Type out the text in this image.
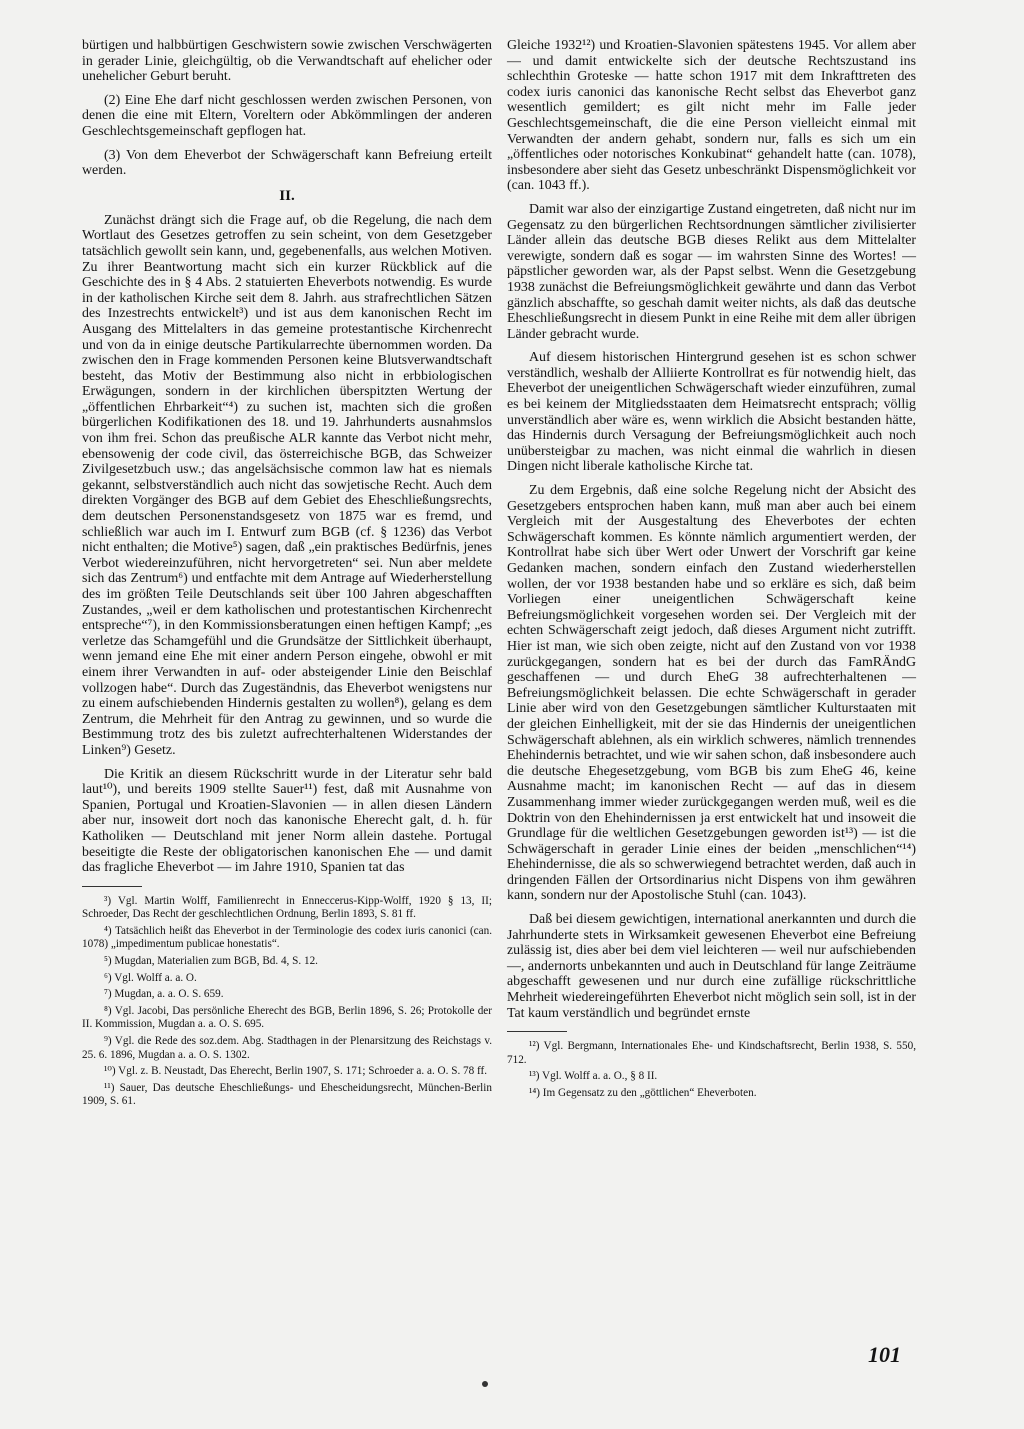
bürtigen und halbbürtigen Geschwistern sowie zwischen Verschwägerten in gerader Linie, gleichgültig, ob die Verwandtschaft auf ehelicher oder unehelicher Geburt beruht.

(2) Eine Ehe darf nicht geschlossen werden zwischen Personen, von denen die eine mit Eltern, Voreltern oder Abkömmlingen der anderen Geschlechtsgemeinschaft gepflogen hat.

(3) Von dem Eheverbot der Schwägerschaft kann Befreiung erteilt werden.

II.

Zunächst drängt sich die Frage auf, ob die Regelung, die nach dem Wortlaut des Gesetzes getroffen zu sein scheint, von dem Gesetzgeber tatsächlich gewollt sein kann, und, gegebenenfalls, aus welchen Motiven. Zu ihrer Beantwortung macht sich ein kurzer Rückblick auf die Geschichte des in § 4 Abs. 2 statuierten Eheverbots notwendig. Es wurde in der katholischen Kirche seit dem 8. Jahrh. aus strafrechtlichen Sätzen des Inzestrechts entwickelt³) und ist aus dem kanonischen Recht im Ausgang des Mittelalters in das gemeine protestantische Kirchenrecht und von da in einige deutsche Partikularrechte übernommen worden. Da zwischen den in Frage kommenden Personen keine Blutsverwandtschaft besteht, das Motiv der Bestimmung also nicht in erbbiologischen Erwägungen, sondern in der kirchlichen überspitzten Wertung der „öffentlichen Ehrbarkeit“⁴) zu suchen ist, machten sich die großen bürgerlichen Kodifikationen des 18. und 19. Jahrhunderts ausnahmslos von ihm frei. Schon das preußische ALR kannte das Verbot nicht mehr, ebensowenig der code civil, das österreichische BGB, das Schweizer Zivilgesetzbuch usw.; das angelsächsische common law hat es niemals gekannt, selbstverständlich auch nicht das sowjetische Recht. Auch dem direkten Vorgänger des BGB auf dem Gebiet des Eheschließungsrechts, dem deutschen Personenstandsgesetz von 1875 war es fremd, und schließlich war auch im I. Entwurf zum BGB (cf. § 1236) das Verbot nicht enthalten; die Motive⁵) sagen, daß „ein praktisches Bedürfnis, jenes Verbot wiedereinzuführen, nicht hervorgetreten“ sei. Nun aber meldete sich das Zentrum⁶) und entfachte mit dem Antrage auf Wiederherstellung des im größten Teile Deutschlands seit über 100 Jahren abgeschafften Zustandes, „weil er dem katholischen und protestantischen Kirchenrecht entspreche“⁷), in den Kommissionsberatungen einen heftigen Kampf; „es verletze das Schamgefühl und die Grundsätze der Sittlichkeit überhaupt, wenn jemand eine Ehe mit einer andern Person eingehe, obwohl er mit einem ihrer Verwandten in auf- oder absteigender Linie den Beischlaf vollzogen habe“. Durch das Zugeständnis, das Eheverbot wenigstens nur zu einem aufschiebenden Hindernis gestalten zu wollen⁸), gelang es dem Zentrum, die Mehrheit für den Antrag zu gewinnen, und so wurde die Bestimmung trotz des bis zuletzt aufrechterhaltenen Widerstandes der Linken⁹) Gesetz.

Die Kritik an diesem Rückschritt wurde in der Literatur sehr bald laut¹⁰), und bereits 1909 stellte Sauer¹¹) fest, daß mit Ausnahme von Spanien, Portugal und Kroatien-Slavonien — in allen diesen Ländern aber nur, insoweit dort noch das kanonische Eherecht galt, d. h. für Katholiken — Deutschland mit jener Norm allein dastehe. Portugal beseitigte die Reste der obligatorischen kanonischen Ehe — und damit das fragliche Eheverbot — im Jahre 1910, Spanien tat das

³) Vgl. Martin Wolff, Familienrecht in Enneccerus-Kipp-Wolff, 1920 § 13, II; Schroeder, Das Recht der geschlechtlichen Ordnung, Berlin 1893, S. 81 ff.

⁴) Tatsächlich heißt das Eheverbot in der Terminologie des codex iuris canonici (can. 1078) „impedimentum publicae honestatis“.

⁵) Mugdan, Materialien zum BGB, Bd. 4, S. 12.

⁶) Vgl. Wolff a. a. O.

⁷) Mugdan, a. a. O. S. 659.

⁸) Vgl. Jacobi, Das persönliche Eherecht des BGB, Berlin 1896, S. 26; Protokolle der II. Kommission, Mugdan a. a. O. S. 695.

⁹) Vgl. die Rede des soz.dem. Abg. Stadthagen in der Plenarsitzung des Reichstags v. 25. 6. 1896, Mugdan a. a. O. S. 1302.

¹⁰) Vgl. z. B. Neustadt, Das Eherecht, Berlin 1907, S. 171; Schroeder a. a. O. S. 78 ff.

¹¹) Sauer, Das deutsche Eheschließungs- und Ehescheidungsrecht, München-Berlin 1909, S. 61.

Gleiche 1932¹²) und Kroatien-Slavonien spätestens 1945. Vor allem aber — und damit entwickelte sich der deutsche Rechtszustand ins schlechthin Groteske — hatte schon 1917 mit dem Inkrafttreten des codex iuris canonici das kanonische Recht selbst das Eheverbot ganz wesentlich gemildert; es gilt nicht mehr im Falle jeder Geschlechtsgemeinschaft, die die eine Person vielleicht einmal mit Verwandten der andern gehabt, sondern nur, falls es sich um ein „öffentliches oder notorisches Konkubinat“ gehandelt hatte (can. 1078), insbesondere aber sieht das Gesetz unbeschränkt Dispensmöglichkeit vor (can. 1043 ff.).

Damit war also der einzigartige Zustand eingetreten, daß nicht nur im Gegensatz zu den bürgerlichen Rechtsordnungen sämtlicher zivilisierter Länder allein das deutsche BGB dieses Relikt aus dem Mittelalter verewigte, sondern daß es sogar — im wahrsten Sinne des Wortes! — päpstlicher geworden war, als der Papst selbst. Wenn die Gesetzgebung 1938 zunächst die Befreiungsmöglichkeit gewährte und dann das Verbot gänzlich abschaffte, so geschah damit weiter nichts, als daß das deutsche Eheschließungsrecht in diesem Punkt in eine Reihe mit dem aller übrigen Länder gebracht wurde.

Auf diesem historischen Hintergrund gesehen ist es schon schwer verständlich, weshalb der Alliierte Kontrollrat es für notwendig hielt, das Eheverbot der uneigentlichen Schwägerschaft wieder einzuführen, zumal es bei keinem der Mitgliedsstaaten dem Heimatsrecht entsprach; völlig unverständlich aber wäre es, wenn wirklich die Absicht bestanden hätte, das Hindernis durch Versagung der Befreiungsmöglichkeit auch noch unübersteigbar zu machen, was nicht einmal die wahrlich in diesen Dingen nicht liberale katholische Kirche tat.

Zu dem Ergebnis, daß eine solche Regelung nicht der Absicht des Gesetzgebers entsprochen haben kann, muß man aber auch bei einem Vergleich mit der Ausgestaltung des Eheverbotes der echten Schwägerschaft kommen. Es könnte nämlich argumentiert werden, der Kontrollrat habe sich über Wert oder Unwert der Vorschrift gar keine Gedanken machen, sondern einfach den Zustand wiederherstellen wollen, der vor 1938 bestanden habe und so erkläre es sich, daß beim Vorliegen einer uneigentlichen Schwägerschaft keine Befreiungsmöglichkeit vorgesehen worden sei. Der Vergleich mit der echten Schwägerschaft zeigt jedoch, daß dieses Argument nicht zutrifft. Hier ist man, wie sich oben zeigte, nicht auf den Zustand von vor 1938 zurückgegangen, sondern hat es bei der durch das FamRÄndG geschaffenen — und durch EheG 38 aufrechterhaltenen — Befreiungsmöglichkeit belassen. Die echte Schwägerschaft in gerader Linie aber wird von den Gesetzgebungen sämtlicher Kulturstaaten mit der gleichen Einhelligkeit, mit der sie das Hindernis der uneigentlichen Schwägerschaft ablehnen, als ein wirklich schweres, nämlich trennendes Ehehindernis betrachtet, und wie wir sahen schon, daß insbesondere auch die deutsche Ehegesetzgebung, vom BGB bis zum EheG 46, keine Ausnahme macht; im kanonischen Recht — auf das in diesem Zusammenhang immer wieder zurückgegangen werden muß, weil es die Doktrin von den Ehehindernissen ja erst entwickelt hat und insoweit die Grundlage für die weltlichen Gesetzgebungen geworden ist¹³) — ist die Schwägerschaft in gerader Linie eines der beiden „menschlichen“¹⁴) Ehehindernisse, die als so schwerwiegend betrachtet werden, daß auch in dringenden Fällen der Ortsordinarius nicht Dispens von ihm gewähren kann, sondern nur der Apostolische Stuhl (can. 1043).

Daß bei diesem gewichtigen, international anerkannten und durch die Jahrhunderte stets in Wirksamkeit gewesenen Eheverbot eine Befreiung zulässig ist, dies aber bei dem viel leichteren — weil nur aufschiebenden —, andernorts unbekannten und auch in Deutschland für lange Zeiträume abgeschafft gewesenen und nur durch eine zufällige rückschrittliche Mehrheit wiedereingeführten Eheverbot nicht möglich sein soll, ist in der Tat kaum verständlich und begründet ernste

¹²) Vgl. Bergmann, Internationales Ehe- und Kindschaftsrecht, Berlin 1938, S. 550, 712.

¹³) Vgl. Wolff a. a. O., § 8 II.

¹⁴) Im Gegensatz zu den „göttlichen“ Eheverboten.

101
